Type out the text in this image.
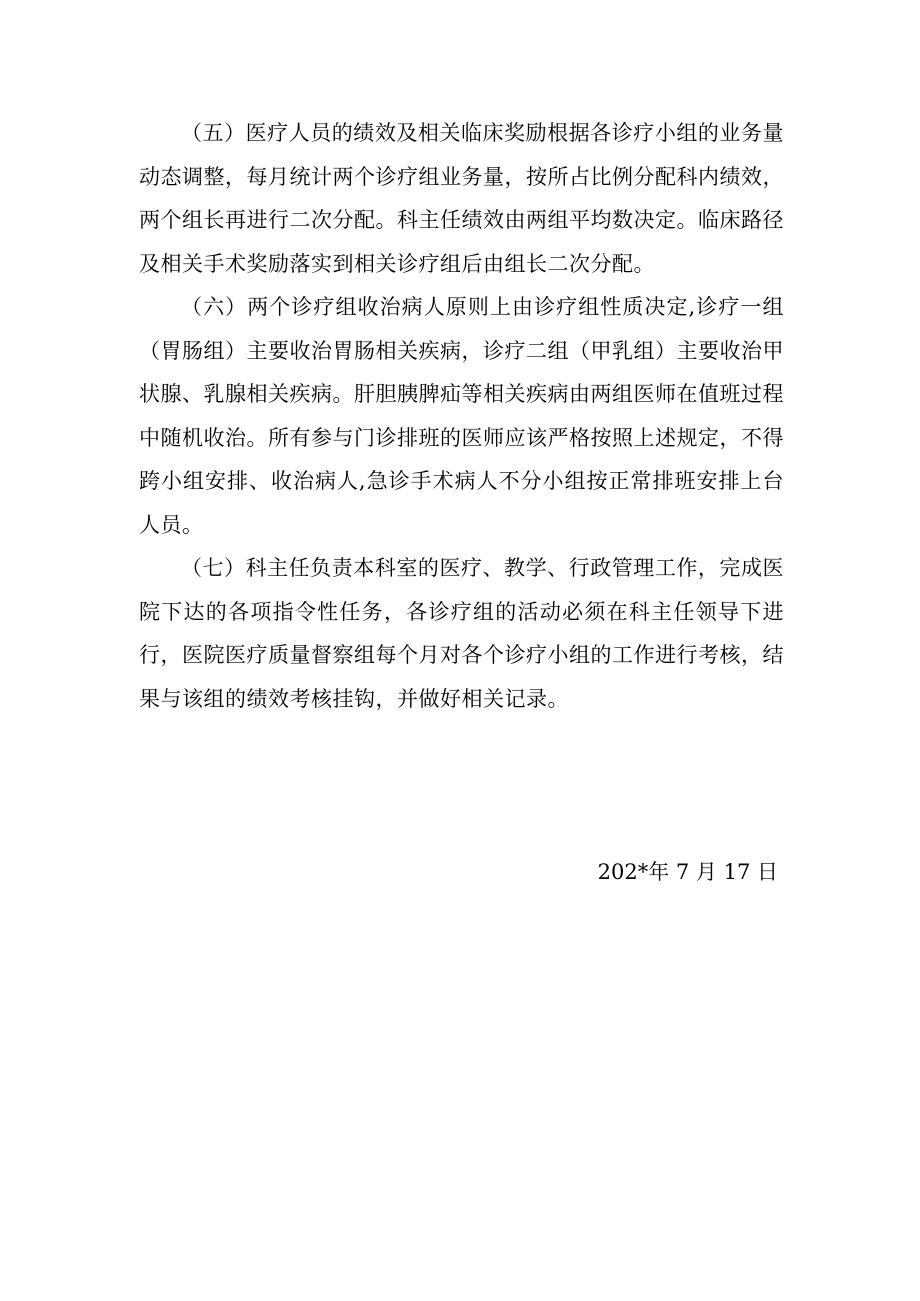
（五）医疗人员的绩效及相关临床奖励根据各诊疗小组的业务量动态调整，每月统计两个诊疗组业务量，按所占比例分配科内绩效，两个组长再进行二次分配。科主任绩效由两组平均数决定。临床路径及相关手术奖励落实到相关诊疗组后由组长二次分配。

（六）两个诊疗组收治病人原则上由诊疗组性质决定,诊疗一组（胃肠组）主要收治胃肠相关疾病，诊疗二组（甲乳组）主要收治甲状腺、乳腺相关疾病。肝胆胰脾疝等相关疾病由两组医师在值班过程中随机收治。所有参与门诊排班的医师应该严格按照上述规定，不得跨小组安排、收治病人,急诊手术病人不分小组按正常排班安排上台人员。

（七）科主任负责本科室的医疗、教学、行政管理工作，完成医院下达的各项指令性任务，各诊疗组的活动必须在科主任领导下进行，医院医疗质量督察组每个月对各个诊疗小组的工作进行考核，结果与该组的绩效考核挂钩，并做好相关记录。

202*年 7 月 17 日
